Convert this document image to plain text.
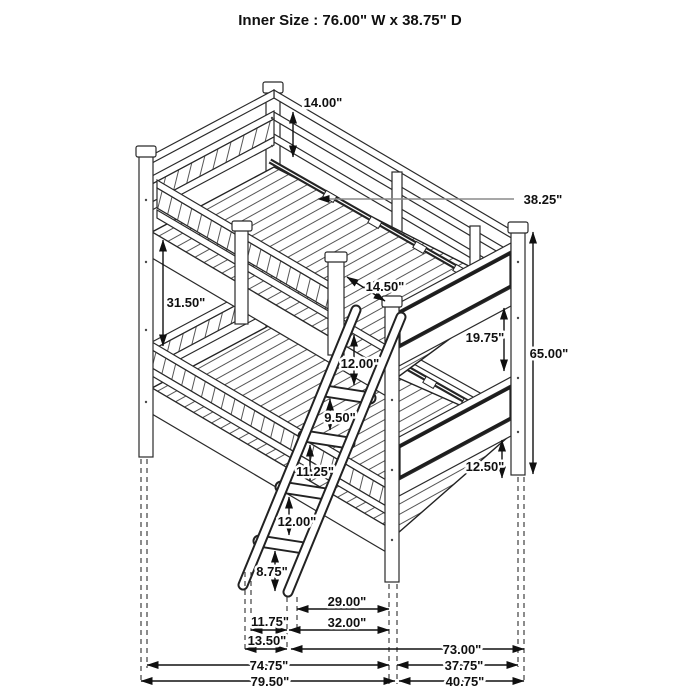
Inner Size : 76.00" W x 38.75" D
14.00"
38.25"
31.50"
14.50"
12.00"
9.50"
11.25"
12.00"
8.75"
19.75"
65.00"
12.50"
29.00"
11.75"	32.00"
13.50"
73.00"
74.75"	37.75"
79.50"	40.75"
